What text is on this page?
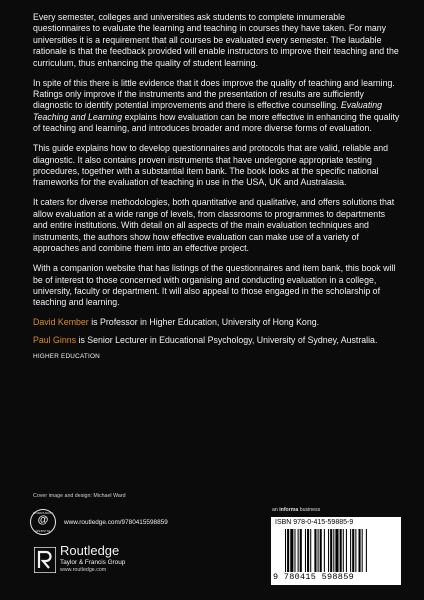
Every semester, colleges and universities ask students to complete innumerable questionnaires to evaluate the learning and teaching in courses they have taken. For many universities it is a requirement that all courses be evaluated every semester. The laudable rationale is that the feedback provided will enable instructors to improve their teaching and the curriculum, thus enhancing the quality of student learning.

In spite of this there is little evidence that it does improve the quality of teaching and learning. Ratings only improve if the instruments and the presentation of results are sufficiently diagnostic to identify potential improvements and there is effective counselling. Evaluating Teaching and Learning explains how evaluation can be more effective in enhancing the quality of teaching and learning, and introduces broader and more diverse forms of evaluation.

This guide explains how to develop questionnaires and protocols that are valid, reliable and diagnostic. It also contains proven instruments that have undergone appropriate testing procedures, together with a substantial item bank. The book looks at the specific national frameworks for the evaluation of teaching in use in the USA, UK and Australasia.

It caters for diverse methodologies, both quantitative and qualitative, and offers solutions that allow evaluation at a wide range of levels, from classrooms to programmes to departments and entire institutions. With detail on all aspects of the main evaluation techniques and instruments, the authors show how effective evaluation can make use of a variety of approaches and combine them into an effective project.

With a companion website that has listings of the questionnaires and item bank, this book will be of interest to those concerned with organising and conducting evaluation in a college, university, faculty or department. It will also appeal to those engaged in the scholarship of teaching and learning.

David Kember is Professor in Higher Education, University of Hong Kong.

Paul Ginns is Senior Lecturer in Educational Psychology, University of Sydney, Australia.

HIGHER EDUCATION
Cover image and design: Michael Ward
COMPANION
@
WEBSITE
www.routledge.com/9780415598859
Routledge
Taylor & Francis Group
www.routledge.com
an informa business
ISBN 978-0-415-59885-9
9 780415 598859
